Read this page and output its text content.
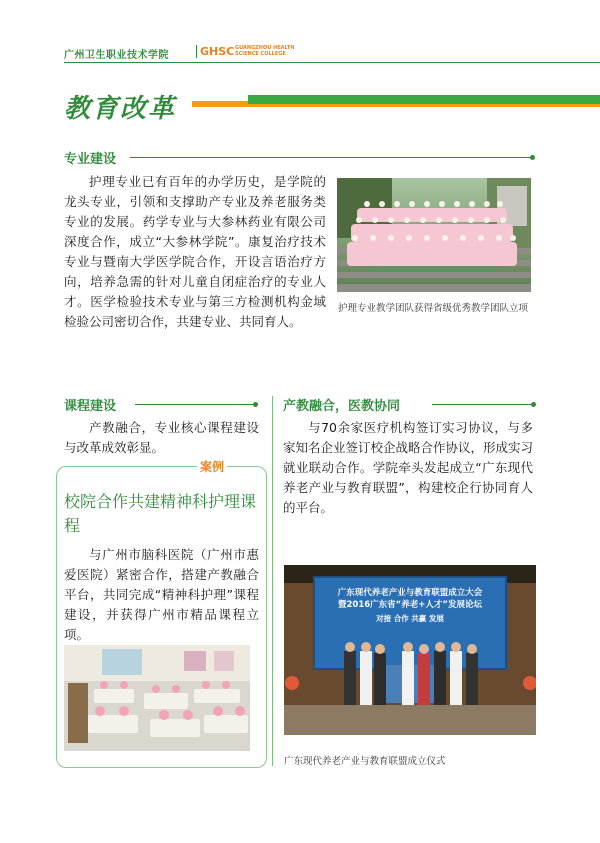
广州卫生职业技术学院	GHSC GUANGZHOU HEALTH
SCIENCE COLLEGE
教育改革
专业建设
护理专业已有百年的办学历史，是学院的龙头专业，引领和支撑助产专业及养老服务类专业的发展。药学专业与大参林药业有限公司深度合作，成立“大参林学院”。康复治疗技术专业与暨南大学医学院合作，开设言语治疗方向，培养急需的针对儿童自闭症治疗的专业人才。医学检验技术专业与第三方检测机构金域检验公司密切合作，共建专业、共同育人。
护理专业教学团队获得省级优秀教学团队立项
课程建设
产教融合，专业核心课程建设与改革成效彰显。
案例
校院合作共建精神科护理课程
与广州市脑科医院（广州市惠爱医院）紧密合作，搭建产教融合平台，共同完成“精神科护理”课程建设，并获得广州市精品课程立项。
产教融合，医教协同
与70余家医疗机构签订实习协议，与多家知名企业签订校企战略合作协议，形成实习就业联动合作。学院牵头发起成立“广东现代养老产业与教育联盟”，构建校企行协同育人的平台。
广东现代养老产业与教育联盟成立大会
暨2016广东省“养老+人才”发展论坛
对接 合作 共赢 发展
广东现代养老产业与教育联盟成立仪式
